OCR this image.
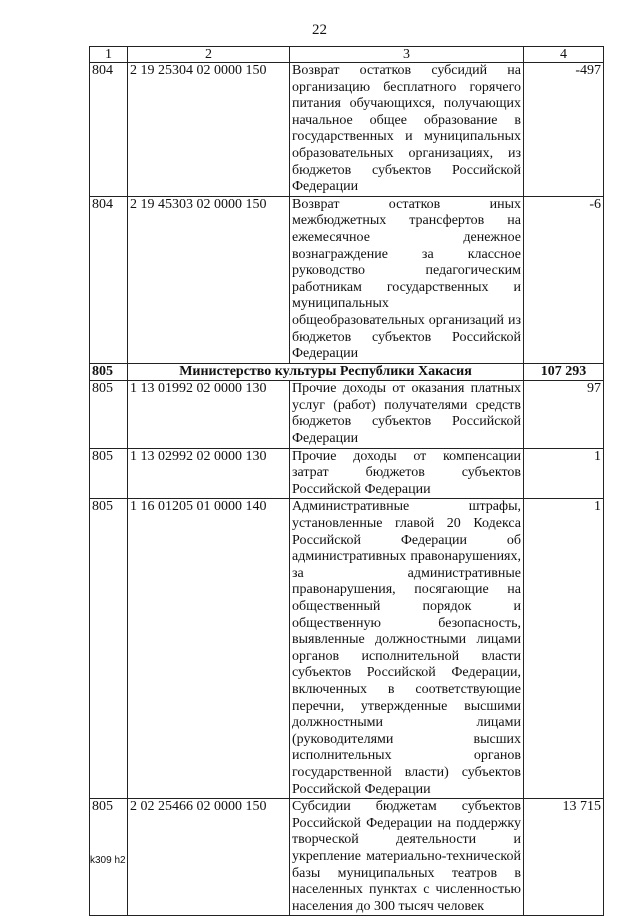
22
1	2	3	4
804	2 19 25304 02 0000 150	Возврат остатков субсидий на организацию бесплатного горячего питания обучающихся, получающих начальное общее образование в государственных и муниципальных образовательных организациях, из бюджетов субъектов Российской Федерации	-497
804	2 19 45303 02 0000 150	Возврат остатков иных межбюджетных трансфертов на ежемесячное денежное вознаграждение за классное руководство педагогическим работникам государственных и муниципальных общеобразовательных организаций из бюджетов субъектов Российской Федерации	-6
805	Министерство культуры Республики Хакасия		107 293
805	1 13 01992 02 0000 130	Прочие доходы от оказания платных услуг (работ) получателями средств бюджетов субъектов Российской Федерации	97
805	1 13 02992 02 0000 130	Прочие доходы от компенсации затрат бюджетов субъектов Российской Федерации	1
805	1 16 01205 01 0000 140	Административные штрафы, установленные главой 20 Кодекса Российской Федерации об административных правонарушениях, за административные правонарушения, посягающие на общественный порядок и общественную безопасность, выявленные должностными лицами органов исполнительной власти субъектов Российской Федерации, включенных в соответствующие перечни, утвержденные высшими должностными лицами (руководителями высших исполнительных органов государственной власти) субъектов Российской Федерации	1
805	2 02 25466 02 0000 150	Субсидии бюджетам субъектов Российской Федерации на поддержку творческой деятельности и укрепление материально-технической базы муниципальных театров в населенных пунктах с численностью населения до 300 тысяч человек	13 715
k309 h2
